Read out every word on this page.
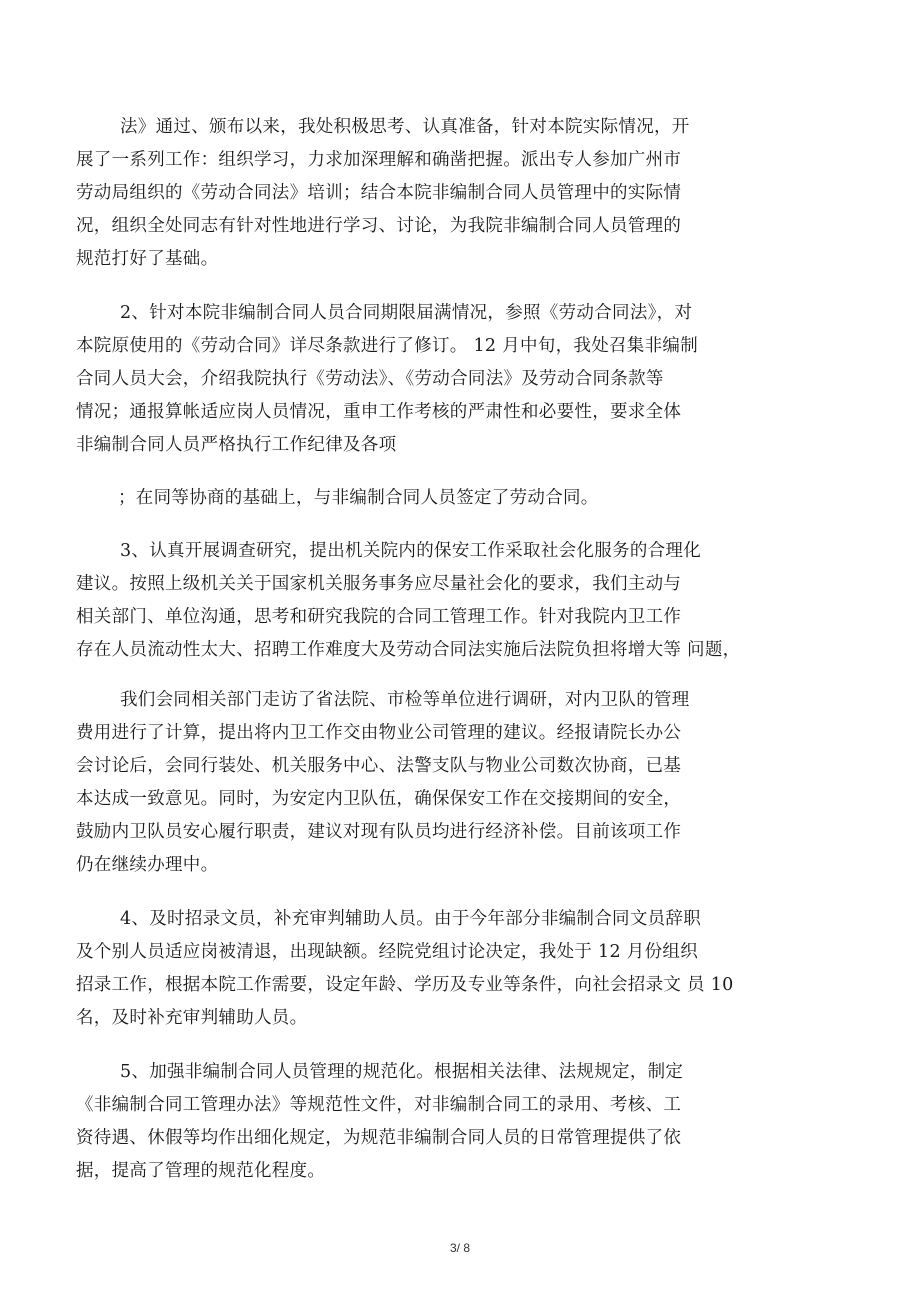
法》通过、颁布以来，我处积极思考、认真准备，针对本院实际情况，开
展了一系列工作：组织学习，力求加深理解和确凿把握。派出专人参加广州市
劳动局组织的《劳动合同法》培训；结合本院非编制合同人员管理中的实际情
况，组织全处同志有针对性地进行学习、讨论，为我院非编制合同人员管理的
规范打好了基础。
2、针对本院非编制合同人员合同期限届满情况，参照《劳动合同法》，对
本院原使用的《劳动合同》详尽条款进行了修订。 12 月中旬，我处召集非编制
合同人员大会，介绍我院执行《劳动法》、《劳动合同法》及劳动合同条款等
情况；通报算帐适应岗人员情况，重申工作考核的严肃性和必要性，要求全体
非编制合同人员严格执行工作纪律及各项
；在同等协商的基础上，与非编制合同人员签定了劳动合同。
3、认真开展调查研究，提出机关院内的保安工作采取社会化服务的合理化
建议。按照上级机关关于国家机关服务事务应尽量社会化的要求，我们主动与
相关部门、单位沟通，思考和研究我院的合同工管理工作。针对我院内卫工作
存在人员流动性太大、招聘工作难度大及劳动合同法实施后法院负担将增大等 问题，
我们会同相关部门走访了省法院、市检等单位进行调研，对内卫队的管理
费用进行了计算，提出将内卫工作交由物业公司管理的建议。经报请院长办公
会讨论后，会同行装处、机关服务中心、法警支队与物业公司数次协商，已基
本达成一致意见。同时，为安定内卫队伍，确保保安工作在交接期间的安全，
鼓励内卫队员安心履行职责，建议对现有队员均进行经济补偿。目前该项工作
仍在继续办理中。
4、及时招录文员，补充审判辅助人员。由于今年部分非编制合同文员辞职
及个别人员适应岗被清退，出现缺额。经院党组讨论决定，我处于 12 月份组织
招录工作，根据本院工作需要，设定年龄、学历及专业等条件，向社会招录文 员 10
名，及时补充审判辅助人员。
5、加强非编制合同人员管理的规范化。根据相关法律、法规规定，制定
《非编制合同工管理办法》等规范性文件，对非编制合同工的录用、考核、工
资待遇、休假等均作出细化规定，为规范非编制合同人员的日常管理提供了依
据，提高了管理的规范化程度。
3/ 8
